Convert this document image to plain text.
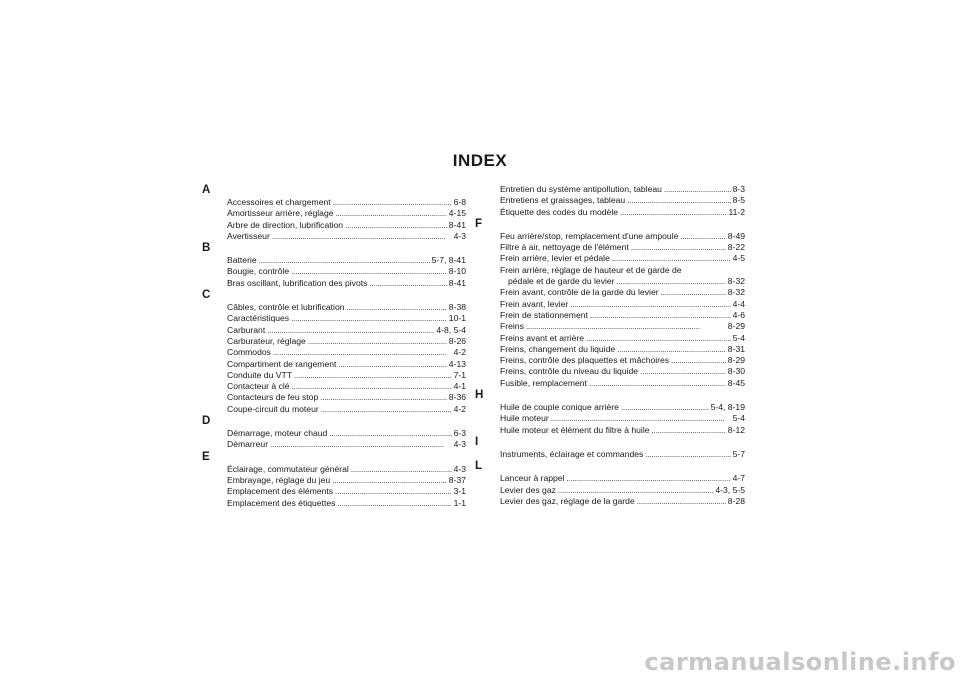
INDEX
A
Accessoires et chargement . . .	6-8
Amortisseur arrière, réglage . . .	4-15
Arbre de direction, lubrification . . .	8-41
Avertisseur . . .	4-3
B
Batterie . . .	5-7, 8-41
Bougie, contrôle . . .	8-10
Bras oscillant, lubrification des pivots . . .	8-41
C
Câbles, contrôle et lubrification . . .	8-38
Caractéristiques . . .	10-1
Carburant . . .	4-8, 5-4
Carburateur, réglage . . .	8-26
Commodos . . .	4-2
Compartiment de rangement . . .	4-13
Conduite du VTT . . .	7-1
Contacteur à clé . . .	4-1
Contacteurs de feu stop . . .	8-36
Coupe-circuit du moteur . . .	4-2
D
Démarrage, moteur chaud . . .	6-3
Démarreur . . .	4-3
E
Éclairage, commutateur général . . .	4-3
Embrayage, réglage du jeu . . .	8-37
Emplacement des éléments . . .	3-1
Emplacement des étiquettes . . .	1-1
Entretien du système antipollution, tableau . . .	8-3
Entretiens et graissages, tableau . . .	8-5
Étiquette des codes du modèle . . .	11-2
F
Feu arrière/stop, remplacement d'une ampoule . . .	8-49
Filtre à air, nettoyage de l'élément . . .	8-22
Frein arrière, levier et pédale . . .	4-5
Frein arrière, réglage de hauteur et de garde de
pédale et de garde du levier . . .	8-32
Frein avant, contrôle de la garde du levier . . .	8-32
Frein avant, levier . . .	4-4
Frein de stationnement . . .	4-6
Freins . . .	8-29
Freins avant et arrière . . .	5-4
Freins, changement du liquide . . .	8-31
Freins, contrôle des plaquettes et mâchoires . . .	8-29
Freins, contrôle du niveau du liquide . . .	8-30
Fusible, remplacement . . .	8-45
H
Huile de couple conique arrière . . .	5-4, 8-19
Huile moteur . . .	5-4
Huile moteur et élément du filtre à huile . . .	8-12
I
Instruments, éclairage et commandes . . .	5-7
L
Lanceur à rappel . . .	4-7
Levier des gaz . . .	4-3, 5-5
Levier des gaz, réglage de la garde . . .	8-28
carmanualsonline.info
